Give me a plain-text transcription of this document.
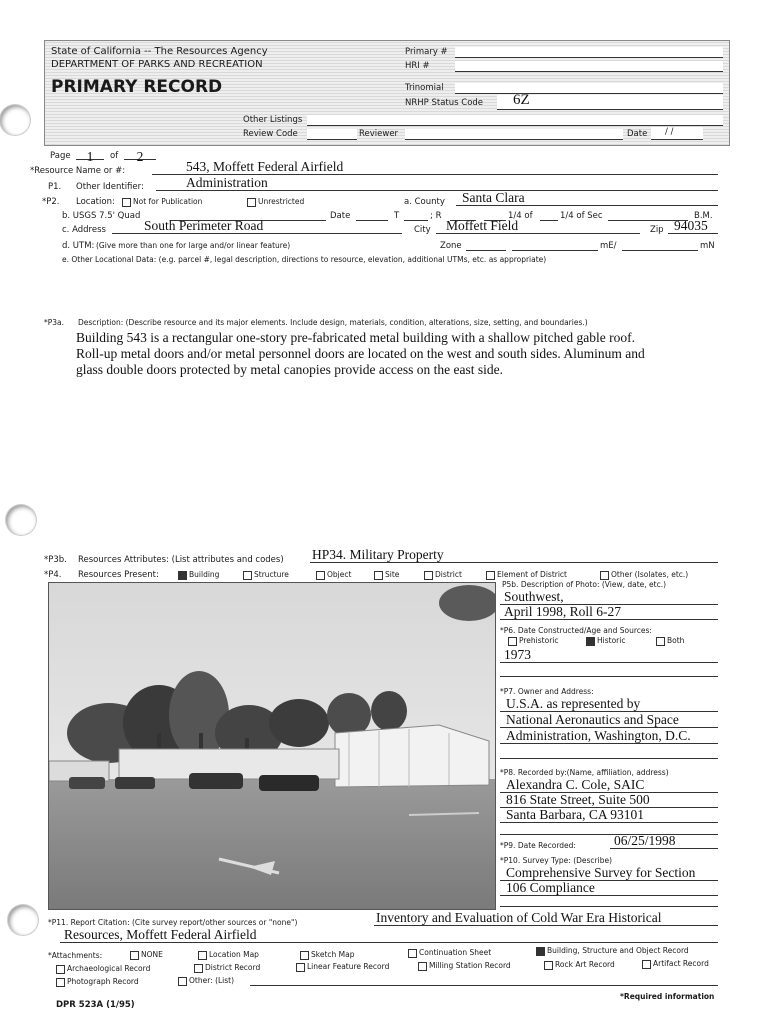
State of California -- The Resources Agency
DEPARTMENT OF PARKS AND RECREATION
PRIMARY RECORD
Primary #
HRI #
Trinomial
NRHP Status Code 6Z
Other Listings
Review Code	Reviewer	Date / /
Page	1	of	2
*Resource Name or #:	543, Moffett Federal Airfield
P1. Other Identifier:	Administration
*P2. Location:	Not for Publication	Unrestricted	a. County Santa Clara
b. USGS 7.5' Quad	Date	T	; R	1/4 of	1/4 of Sec	B.M.
c. Address	South Perimeter Road	City Moffett Field	Zip 94035
d. UTM: (Give more than one for large and/or linear feature)	Zone	mE/	mN
e. Other Locational Data: (e.g. parcel #, legal description, directions to resource, elevation, additional UTMs, etc. as appropriate)
*P3a. Description: (Describe resource and its major elements. Include design, materials, condition, alterations, size, setting, and boundaries.)
Building 543 is a rectangular one-story pre-fabricated metal building with a shallow pitched gable roof.
Roll-up metal doors and/or metal personnel doors are located on the west and south sides. Aluminum and
glass double doors protected by metal canopies provide access on the east side.
*P3b. Resources Attributes: (List attributes and codes) HP34. Military Property
*P4. Resources Present:	Building	Structure	Object	Site	District	Element of District	Other (Isolates, etc.)
P5b. Description of Photo: (View, date, etc.)
Southwest,
April 1998, Roll 6-27
*P6. Date Constructed/Age and Sources:
Prehistoric	Historic	Both
1973
*P7. Owner and Address:
U.S.A. as represented by
National Aeronautics and Space
Administration, Washington, D.C.
*P8. Recorded by:(Name, affiliation, address)
Alexandra C. Cole, SAIC
816 State Street, Suite 500
Santa Barbara, CA 93101
*P9. Date Recorded:	06/25/1998
*P10. Survey Type: (Describe)
Comprehensive Survey for Section
106 Compliance
*P11. Report Citation: (Cite survey report/other sources or "none")	Inventory and Evaluation of Cold War Era Historical
Resources, Moffett Federal Airfield
*Attachments:	NONE	Location Map	Sketch Map	Continuation Sheet	Building, Structure and Object Record
Archaeological Record	District Record	Linear Feature Record	Milling Station Record	Rock Art Record	Artifact Record
Photograph Record	Other: (List)
DPR 523A (1/95)
*Required information
